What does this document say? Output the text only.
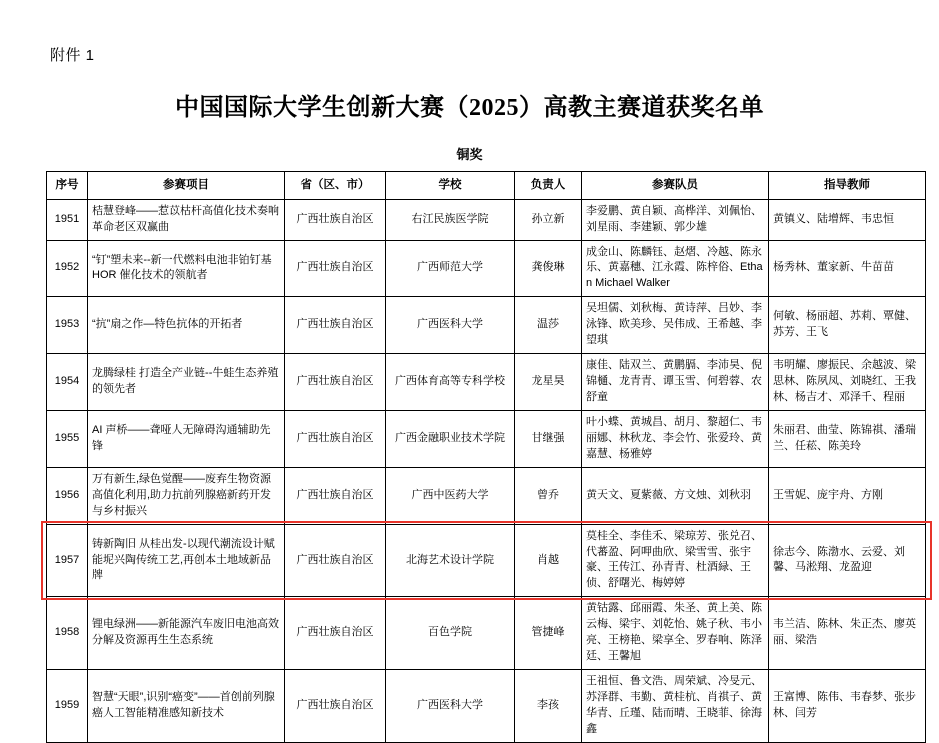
附件 1
中国国际大学生创新大赛（2025）高教主赛道获奖名单
铜奖
序号	参赛项目	省（区、市）	学校	负责人	参赛队员	指导教师
1951	桔慧登峰——惹苡枯杆高值化技术奏响革命老区双赢曲	广西壮族自治区	右江民族医学院	孙立新	李爱鹏、黄自颖、高桦洋、刘佩怡、刘星雨、李建颖、郭少雄	黄镇义、陆增辉、韦忠恒
1952	“钉”塑未来--新一代燃料电池非铂钉基 HOR 催化技术的领航者	广西壮族自治区	广西师范大学	龚俊琳	成金山、陈麟钰、赵熠、冷越、陈永乐、黄嘉穗、江永霞、陈梓俗、Ethan Michael Walker	杨秀林、董家新、牛苗苗
1953	“抗”扇之作—特色抗体的开拓者	广西壮族自治区	广西医科大学	温莎	吴坦儒、刘秋梅、黄诗萍、吕妙、李泳锋、欧美珍、吴伟成、王希越、李望琪	何敏、杨丽超、苏莉、覃健、苏芳、王飞
1954	龙腾绿桂 打造全产业链--牛蛙生态养殖的领先者	广西壮族自治区	广西体育高等专科学校	龙星昊	康佳、陆双兰、黄鹏膈、李沛昊、倪锦樋、龙青青、谭玉雪、何碧蓉、农舒童	韦明耀、廖振民、余越波、梁思林、陈夙凤、刘晓红、王我林、杨吉才、邓泽千、程丽
1955	AI 声桥——聋哑人无障碍沟通辅助先锋	广西壮族自治区	广西金融职业技术学院	甘继强	叶小蝶、黄城昌、胡月、黎超仁、韦丽娜、林秋龙、李会竹、张爱玲、黄嘉慧、杨雅婷	朱丽君、曲莹、陈锦祺、潘瑞兰、任菘、陈美玲
1956	万有新生,绿色觉醒——废弃生物资源高值化利用,助力抗前列腺癌新药开发与乡村振兴	广西壮族自治区	广西中医药大学	曾乔	黄天文、夏紫薇、方文烛、刘秋羽	王雪妮、庞宇舟、方刚
1957	铸新陶旧 从桂出发-以现代潮流设计赋能坭兴陶传统工艺,再创本土地域新品牌	广西壮族自治区	北海艺术设计学院	肖越	莫桂全、李佳禾、梁琼芳、张兑召、代蕃盈、阿呷曲欣、梁雪雪、张宇豪、王传江、孙青青、杜酒緑、王侦、舒曙光、梅婷婷	徐志今、陈渤水、云爱、刘馨、马淞翔、龙盈迎
1958	锂电绿洲——新能源汽车废旧电池高效分解及资源再生生态系统	广西壮族自治区	百色学院	管捷峰	黄钴露、邱丽霞、朱圣、黄上美、陈云梅、梁宇、刘乾怡、姚子秋、韦小亮、王榜艳、梁享全、罗春响、陈泽廷、王馨旭	韦兰洁、陈林、朱正杰、廖英丽、梁浩
1959	智慧“天眼”,识别“癌变”——首创前列腺癌人工智能精准感知新技术	广西壮族自治区	广西医科大学	李孩	王祖恒、鲁文浩、周荣斌、冷旻元、苏泽群、韦勤、黄桂杭、肖祺子、黄华青、丘瑾、陆而晴、王晓菲、徐海鑫	王富博、陈伟、韦春梦、张步林、闫芳
